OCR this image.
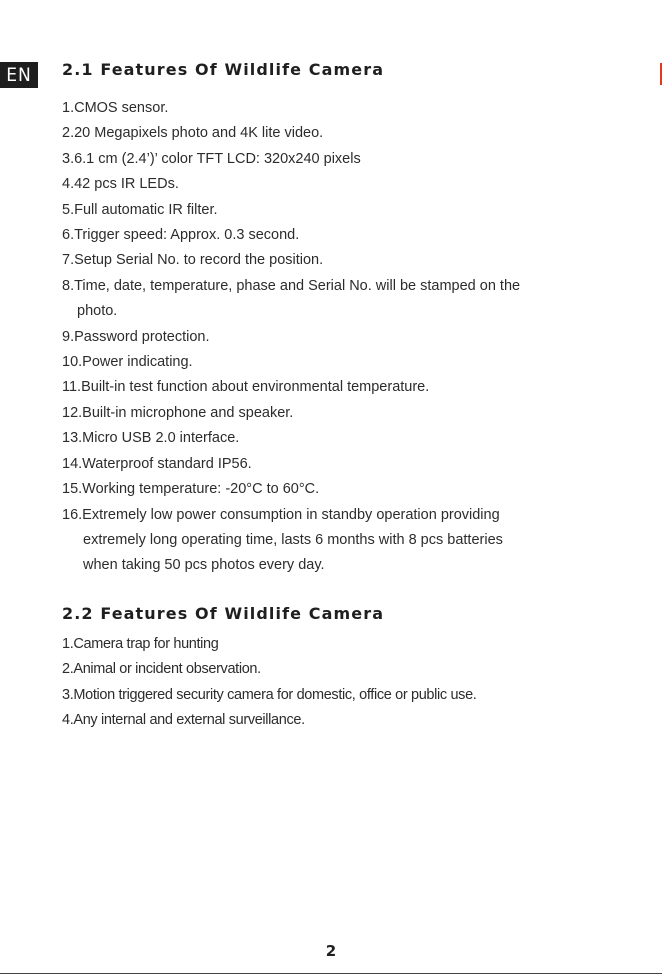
EN 2.1 Features Of Wildlife Camera
1.CMOS sensor.
2.20 Megapixels photo and 4K lite video.
3.6.1 cm (2.4’)’ color TFT LCD: 320x240 pixels
4.42 pcs IR LEDs.
5.Full automatic IR filter.
6.Trigger speed: Approx. 0.3 second.
7.Setup Serial No. to record the position.
8.Time, date, temperature, phase and Serial No. will be stamped on the
photo.
9.Password protection.
10.Power indicating.
11.Built-in test function about environmental temperature.
12.Built-in microphone and speaker.
13.Micro USB 2.0 interface.
14.Waterproof standard IP56.
15.Working temperature: -20°C to 60°C.
16.Extremely low power consumption in standby operation providing
extremely long operating time, lasts 6 months with 8 pcs batteries
when taking 50 pcs photos every day.
2.2 Features Of Wildlife Camera
1.Camera trap for hunting
2.Animal or incident observation.
3.Motion triggered security camera for domestic, office or public use.
4.Any internal and external surveillance.
2
